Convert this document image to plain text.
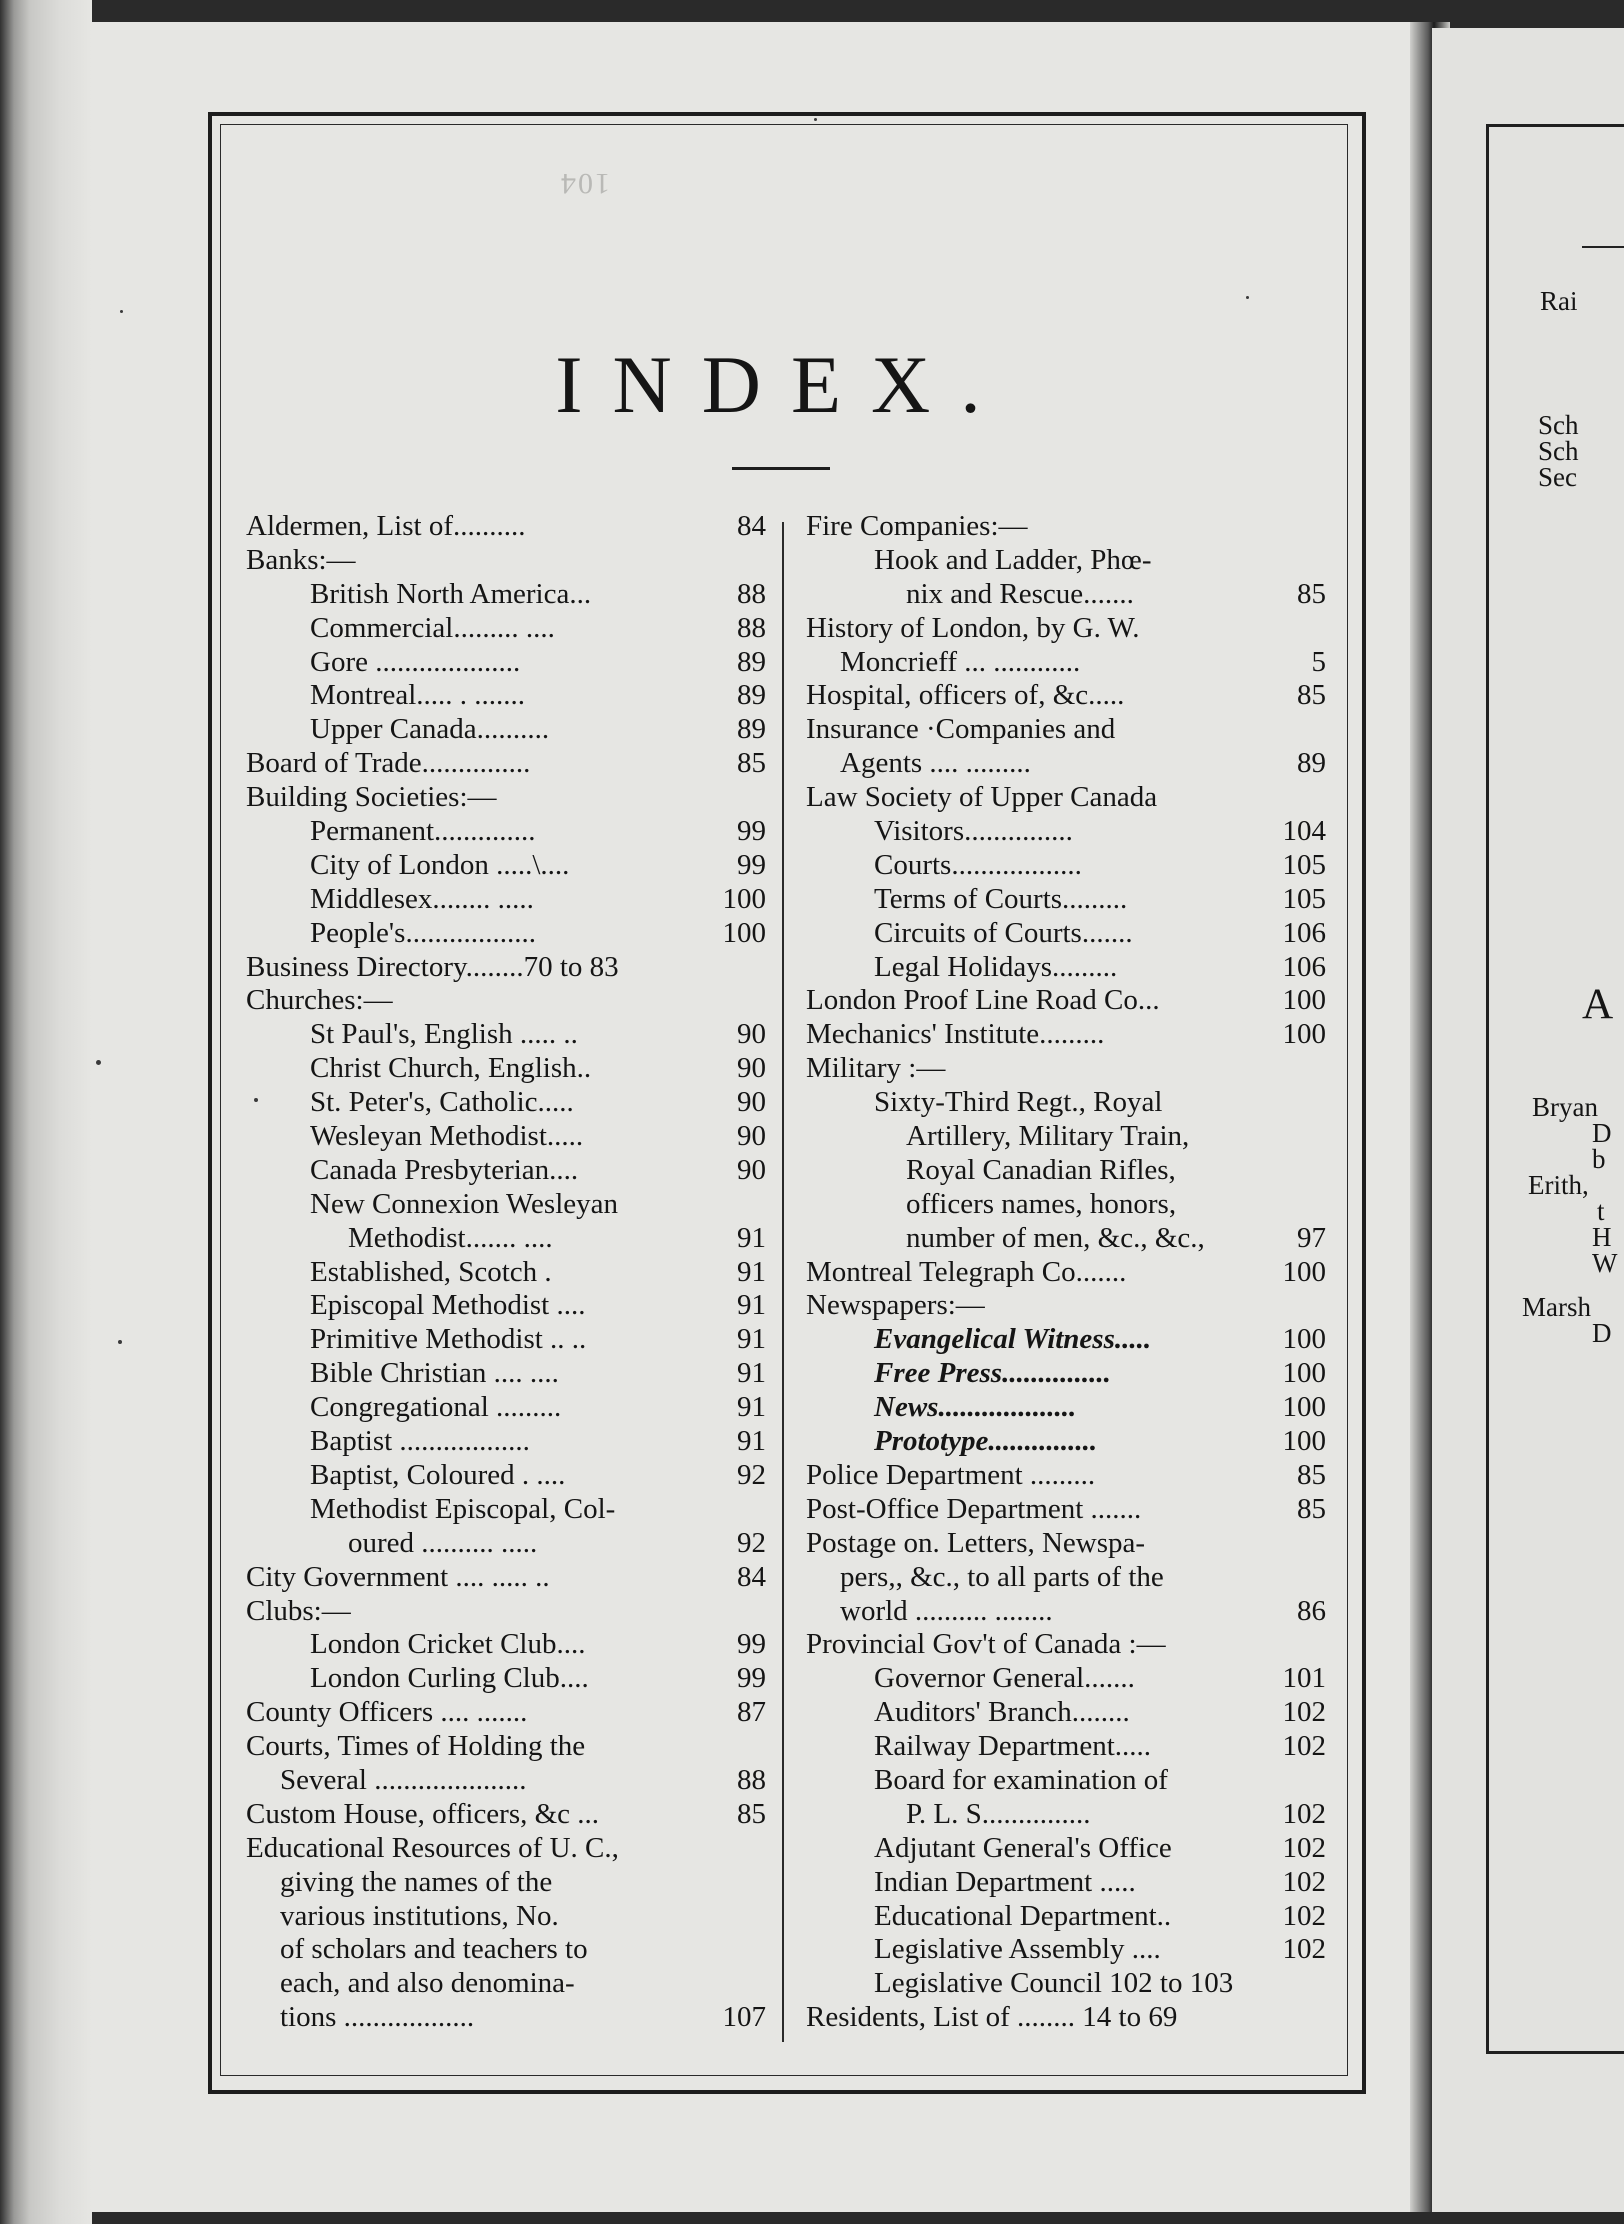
104
INDEX.
Aldermen, List of..........	84
Banks:—
British North America...	88
Commercial......... ....	88
Gore ....................	89
Montreal..... . .......	89
Upper Canada..........	89
Board of Trade...............	85
Building Societies:—
Permanent..............	99
City of London .....\....	99
Middlesex........ .....	100
People's..................	100
Business Directory........70 to 83
Churches:—
St Paul's, English ..... ..	90
Christ Church, English..	90
St. Peter's, Catholic.....	90
Wesleyan Methodist.....	90
Canada Presbyterian....	90
New Connexion Wesleyan
Methodist....... ....	91
Established, Scotch .	91
Episcopal Methodist ....	91
Primitive Methodist .. ..	91
Bible Christian .... ....	91
Congregational .........	91
Baptist ..................	91
Baptist, Coloured . ....	92
Methodist Episcopal, Col-
oured .......... .....	92
City Government .... ..... ..	84
Clubs:—
London Cricket Club....	99
London Curling Club....	99
County Officers .... .......	87
Courts, Times of Holding the
Several .....................	88
Custom House, officers, &c ...	85
Educational Resources of U. C.,
giving the names of the
various institutions, No.
of scholars and teachers to
each, and also denomina-
tions ..................	107
Fire Companies:—
Hook and Ladder, Phœ-
nix and Rescue.......	85
History of London, by G. W.
Moncrieff ... ............	5
Hospital, officers of, &c.....	85
Insurance ·Companies and
Agents .... .........	89
Law Society of Upper Canada
Visitors...............	104
Courts..................	105
Terms of Courts.........	105
Circuits of Courts.......	106
Legal Holidays.........	106
London Proof Line Road Co...	100
Mechanics' Institute.........	100
Military :—
Sixty-Third Regt., Royal
Artillery, Military Train,
Royal Canadian Rifles,
officers names, honors,
number of men, &c., &c.,	97
Montreal Telegraph Co.......	100
Newspapers:—
Evangelical Witness.....	100
Free Press...............	100
News...................	100
Prototype...............	100
Police Department .........	85
Post-Office Department .......	85
Postage on. Letters, Newspa-
pers,, &c., to all parts of the
world .......... ........	86
Provincial Gov't of Canada :—
Governor General.......	101
Auditors' Branch........	102
Railway Department.....	102
Board for examination of
P. L. S...............	102
Adjutant General's Office	102
Indian Department .....	102
Educational Department..	102
Legislative Assembly ....	102
Legislative Council 102 to 103
Residents, List of ........ 14 to 69
Rai
Sch
Sch
Sec
A
Bryan
D
b
Erith,
t
H
W
Marsh
D
